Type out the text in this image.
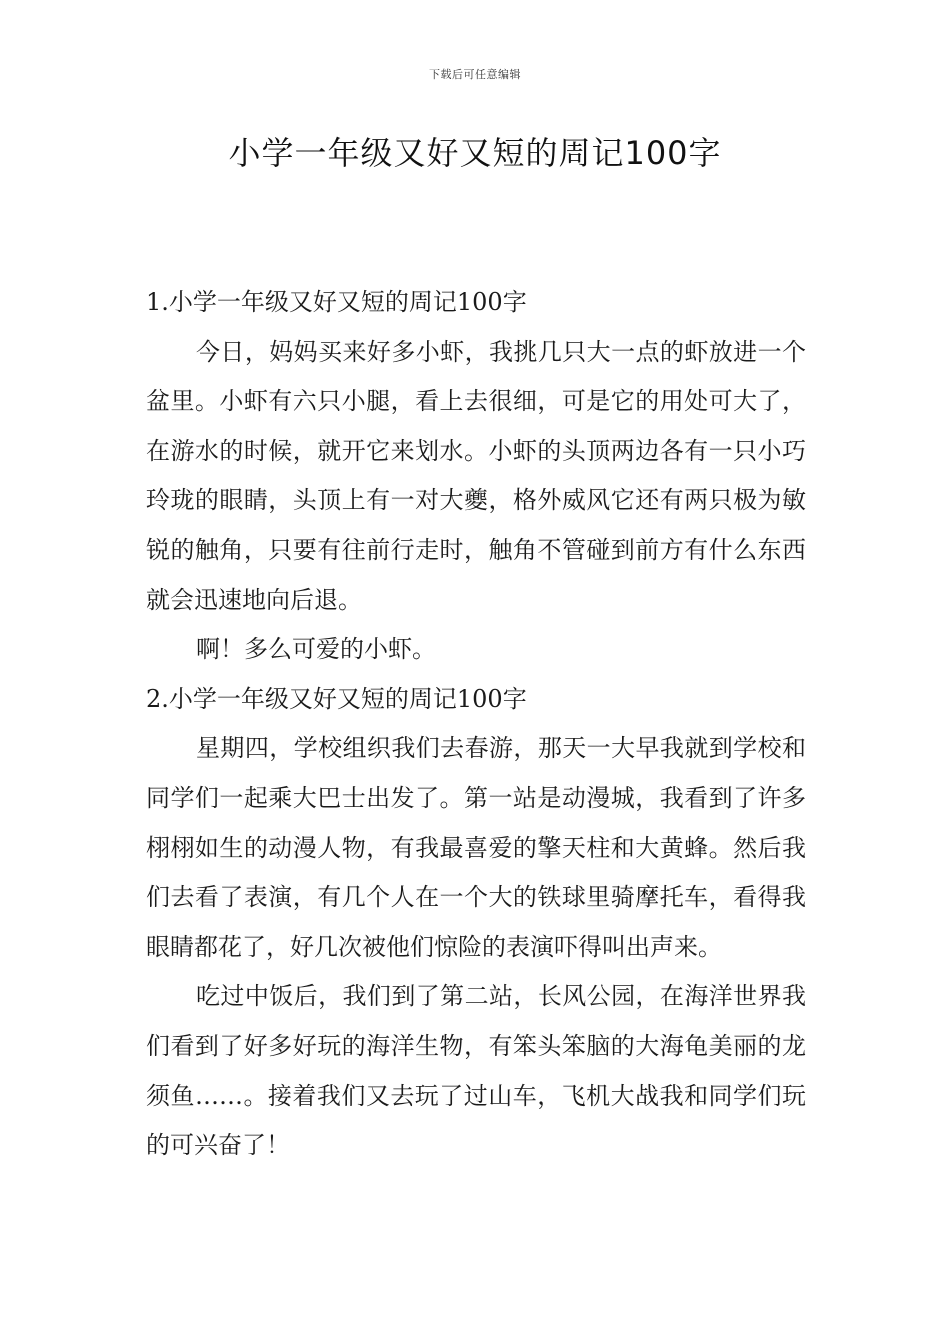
下载后可任意编辑
小学一年级又好又短的周记100字

1.小学一年级又好又短的周记100字

今日，妈妈买来好多小虾，我挑几只大一点的虾放进一个盆里。小虾有六只小腿，看上去很细，可是它的用处可大了，在游水的时候，就开它来划水。小虾的头顶两边各有一只小巧玲珑的眼睛，头顶上有一对大夔，格外威风它还有两只极为敏锐的触角，只要有往前行走时，触角不管碰到前方有什么东西就会迅速地向后退。

啊！多么可爱的小虾。

2.小学一年级又好又短的周记100字

星期四，学校组织我们去春游，那天一大早我就到学校和同学们一起乘大巴士出发了。第一站是动漫城，我看到了许多栩栩如生的动漫人物，有我最喜爱的擎天柱和大黄蜂。然后我们去看了表演，有几个人在一个大的铁球里骑摩托车，看得我眼睛都花了，好几次被他们惊险的表演吓得叫出声来。

吃过中饭后，我们到了第二站，长风公园，在海洋世界我们看到了好多好玩的海洋生物，有笨头笨脑的大海龟美丽的龙须鱼……。接着我们又去玩了过山车，飞机大战我和同学们玩的可兴奋了！
